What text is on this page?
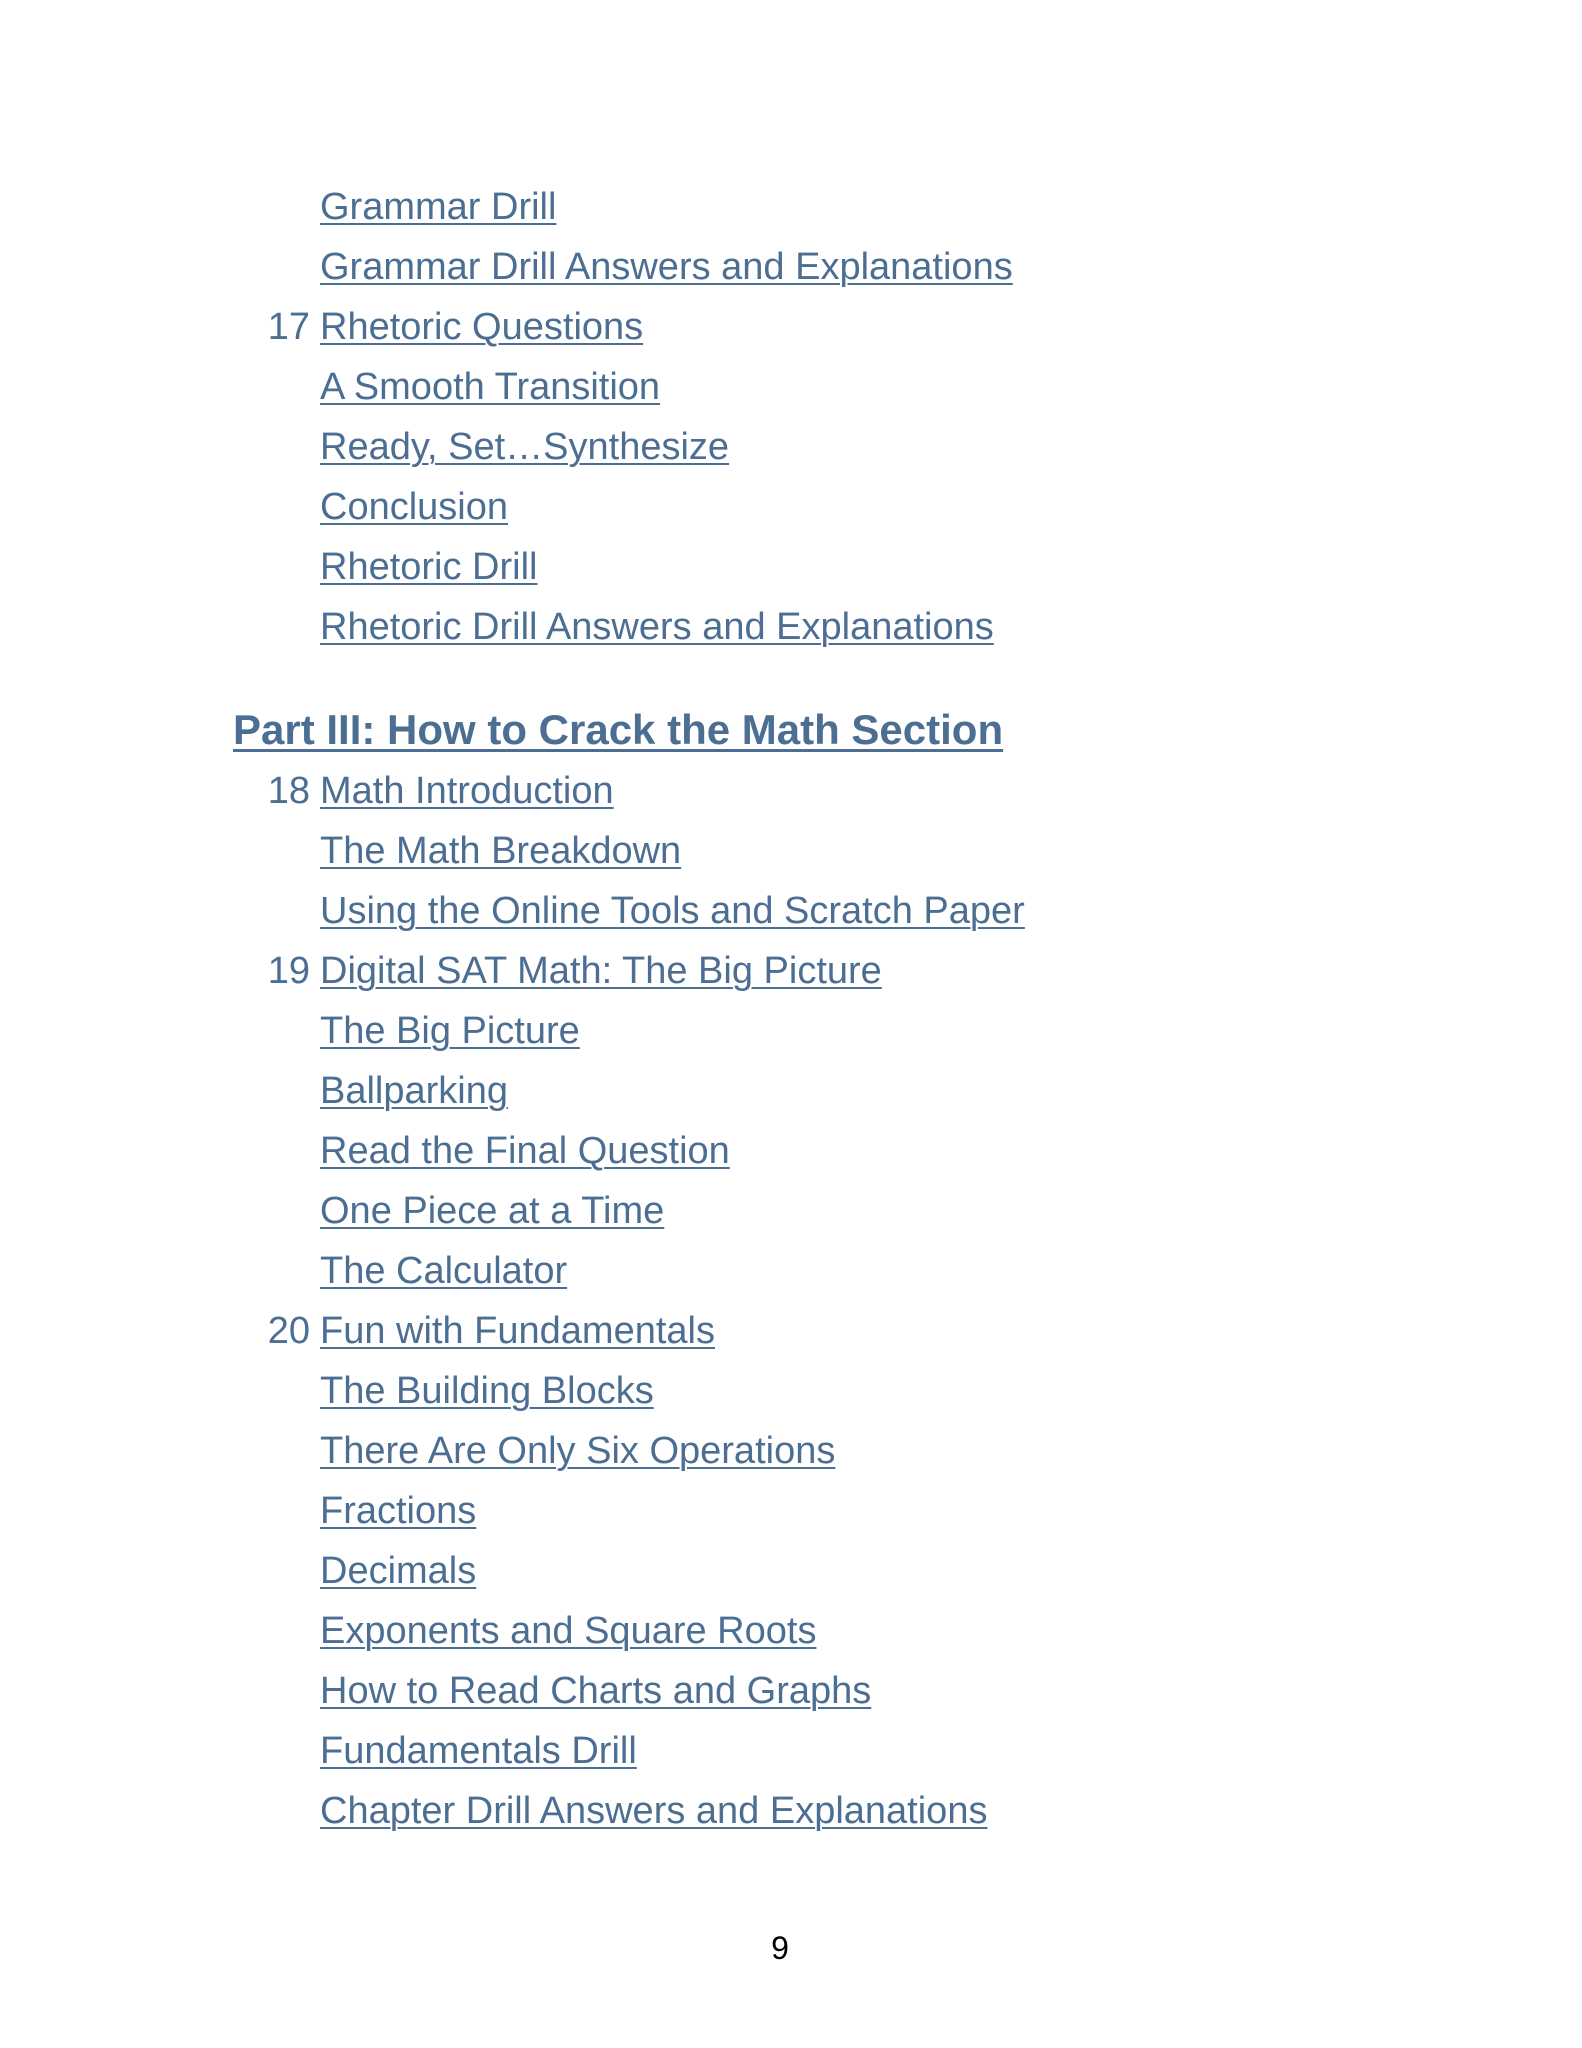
Grammar Drill
Grammar Drill Answers and Explanations
17 Rhetoric Questions
A Smooth Transition
Ready, Set…Synthesize
Conclusion
Rhetoric Drill
Rhetoric Drill Answers and Explanations
Part III: How to Crack the Math Section
18 Math Introduction
The Math Breakdown
Using the Online Tools and Scratch Paper
19 Digital SAT Math: The Big Picture
The Big Picture
Ballparking
Read the Final Question
One Piece at a Time
The Calculator
20 Fun with Fundamentals
The Building Blocks
There Are Only Six Operations
Fractions
Decimals
Exponents and Square Roots
How to Read Charts and Graphs
Fundamentals Drill
Chapter Drill Answers and Explanations
9
